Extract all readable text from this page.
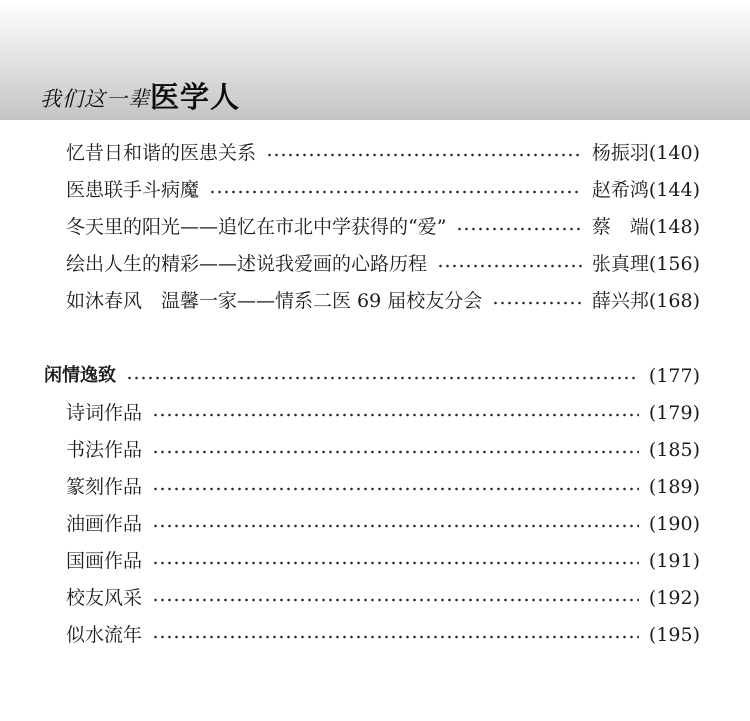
我们这一辈 医学人
忆昔日和谐的医患关系	杨振羽(140)
医患联手斗病魔	赵希鸿(144)
冬天里的阳光——追忆在市北中学获得的“爱”	蔡　端(148)
绘出人生的精彩——述说我爱画的心路历程	张真理(156)
如沐春风　温馨一家——情系二医 69 届校友分会	薛兴邦(168)
闲情逸致	(177)
诗词作品	(179)
书法作品	(185)
篆刻作品	(189)
油画作品	(190)
国画作品	(191)
校友风采	(192)
似水流年	(195)
